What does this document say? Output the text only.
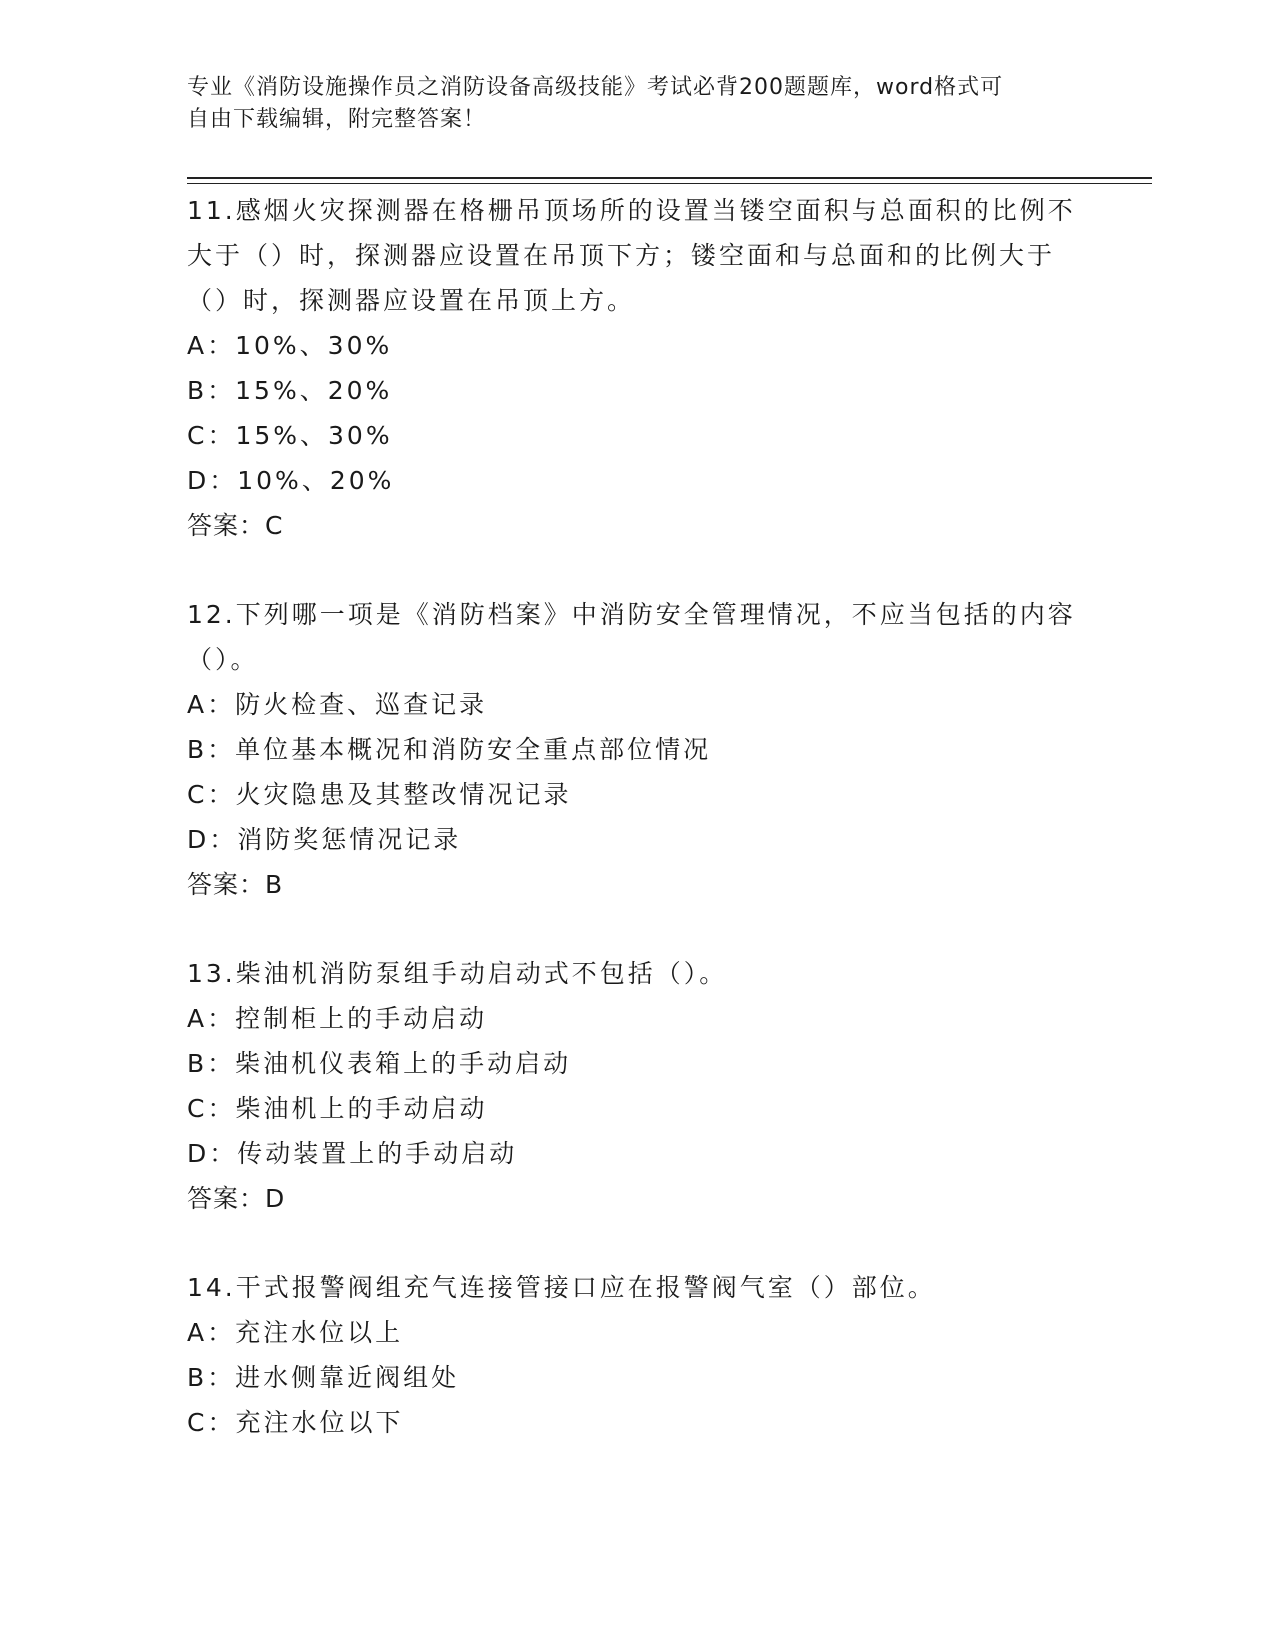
专业《消防设施操作员之消防设备高级技能》考试必背200题题库，word格式可
自由下载编辑，附完整答案！

11.感烟火灾探测器在格栅吊顶场所的设置当镂空面积与总面积的比例不大于（）时，探测器应设置在吊顶下方；镂空面和与总面和的比例大于（）时，探测器应设置在吊顶上方。

A：10%、30%

B：15%、20%

C：15%、30%

D：10%、20%

答案：C

12.下列哪一项是《消防档案》中消防安全管理情况，不应当包括的内容（）。

A：防火检查、巡查记录

B：单位基本概况和消防安全重点部位情况

C：火灾隐患及其整改情况记录

D：消防奖惩情况记录

答案：B

13.柴油机消防泵组手动启动式不包括（）。

A：控制柜上的手动启动

B：柴油机仪表箱上的手动启动

C：柴油机上的手动启动

D：传动装置上的手动启动

答案：D

14.干式报警阀组充气连接管接口应在报警阀气室（）部位。

A：充注水位以上

B：进水侧靠近阀组处

C：充注水位以下
